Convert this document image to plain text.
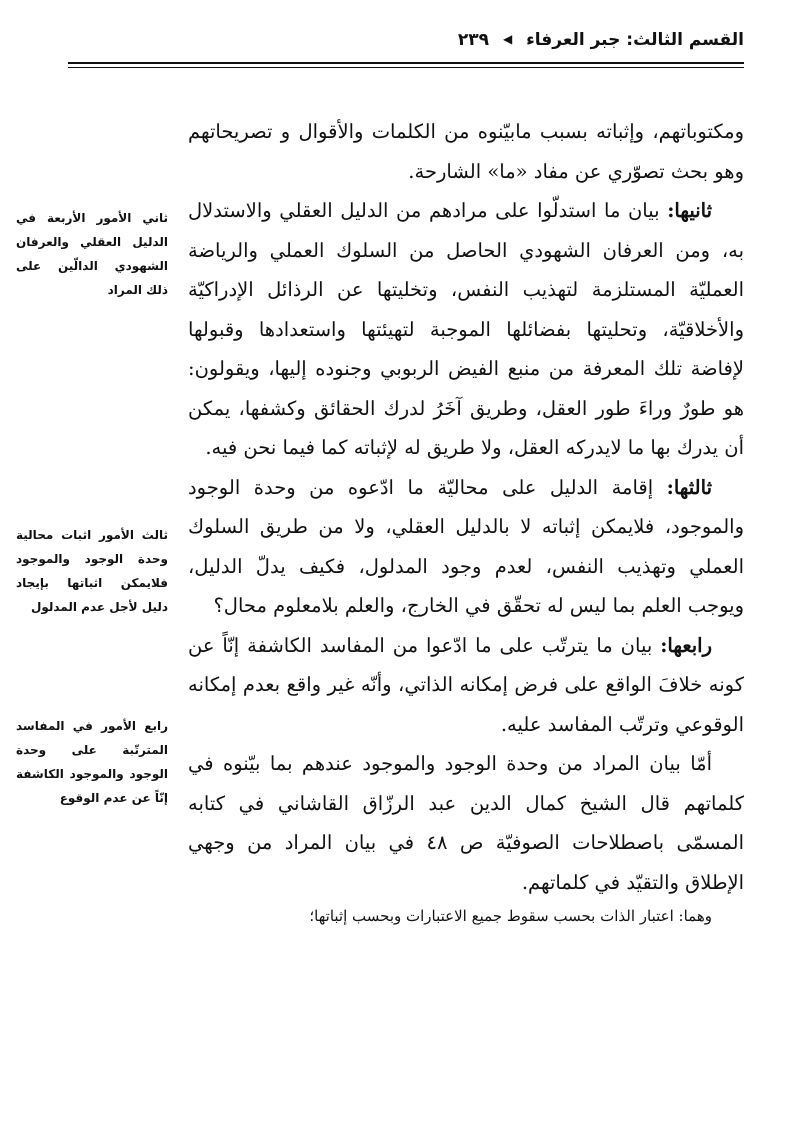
القسم الثالث: جبر العرفاء ◀ ٢٣٩

ومكتوباتهم، وإثباته بسبب مابيّنوه من الكلمات والأقوال و تصريحاتهم وهو بحث تصوّري عن مفاد «ما» الشارحة.

ثانيها: بيان ما استدلّوا على مرادهم من الدليل العقلي والاستدلال به، ومن العرفان الشهودي الحاصل من السلوك العملي والرياضة العمليّة المستلزمة لتهذيب النفس، وتخليتها عن الرذائل الإدراكيّة والأخلاقيّة، وتحليتها بفضائلها الموجبة لتهيئتها واستعدادها وقبولها لإفاضة تلك المعرفة من منبع الفيض الربوبي وجنوده إليها، ويقولون: هو طورٌ وراءَ طور العقل، وطريق آخَرُ لدرك الحقائق وكشفها، يمكن أن يدرك بها ما لايدركه العقل، ولا طريق له لإثباته كما فيما نحن فيه.

ثالثها: إقامة الدليل على محاليّة ما ادّعوه من وحدة الوجود والموجود، فلايمكن إثباته لا بالدليل العقلي، ولا من طريق السلوك العملي وتهذيب النفس، لعدم وجود المدلول، فكيف يدلّ الدليل، ويوجب العلم بما ليس له تحقّق في الخارج، والعلم بلامعلوم محال؟

رابعها: بيان ما يترتّب على ما ادّعوا من المفاسد الكاشفة إنّاً عن كونه خلافَ الواقع على فرض إمكانه الذاتي، وأنّه غير واقع بعدم إمكانه الوقوعي وترتّب المفاسد عليه.

أمّا بيان المراد من وحدة الوجود والموجود عندهم بما بيّنوه في كلماتهم قال الشيخ كمال الدين عبد الرزّاق القاشاني في كتابه المسمّى باصطلاحات الصوفيّة ص ٤٨ في بيان المراد من وجهي الإطلاق والتقيّد في كلماتهم.

وهما: اعتبار الذات بحسب سقوط جميع الاعتبارات وبحسب إثباتها؛

ثاني الأمور الأربعة في الدليل العقلي والعرفان الشهودي الدالّين على ذلك المراد
ثالث الأمور اثبات محالية وحدة الوجود والموجود فلايمكن اثباتها بإيجاد دليل لأجل عدم المدلول
رابع الأمور في المفاسد المترتّبة على وحدة الوجود والموجود الكاشفة إنّاً عن عدم الوقوع
